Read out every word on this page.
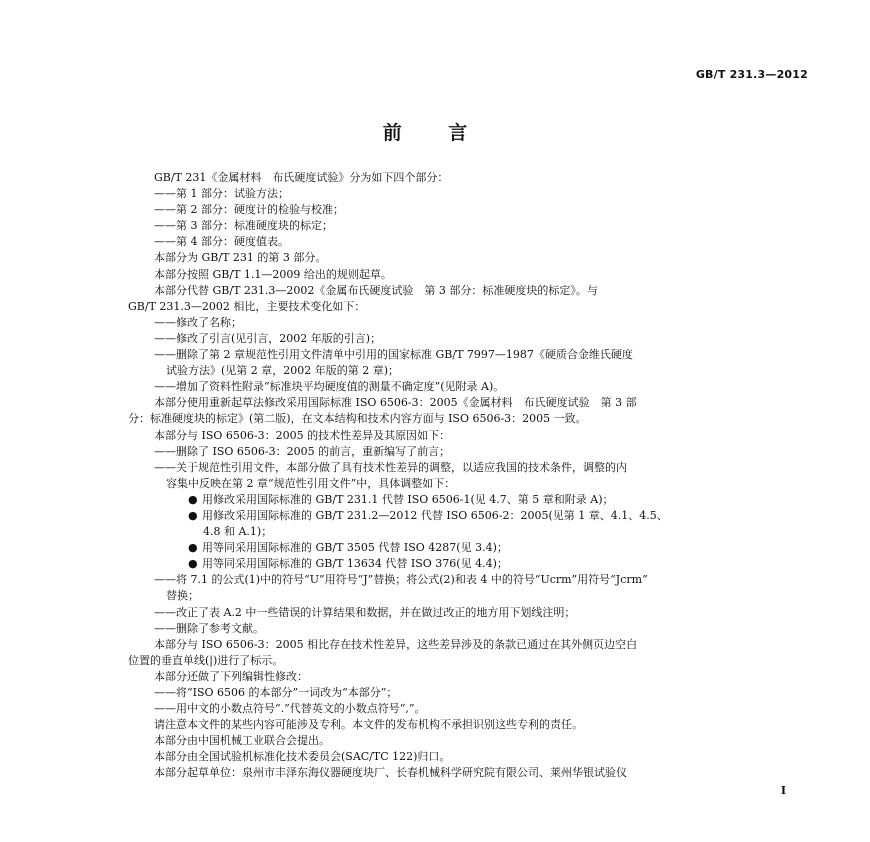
GB/T 231.3—2012
前 言
GB/T 231《金属材料　布氏硬度试验》分为如下四个部分：
——第 1 部分：试验方法；
——第 2 部分：硬度计的检验与校准；
——第 3 部分：标准硬度块的标定；
——第 4 部分：硬度值表。
本部分为 GB/T 231 的第 3 部分。
本部分按照 GB/T 1.1—2009 给出的规则起草。
本部分代替 GB/T 231.3—2002《金属布氏硬度试验　第 3 部分：标准硬度块的标定》。与
GB/T 231.3—2002 相比，主要技术变化如下：
——修改了名称；
——修改了引言(见引言，2002 年版的引言)；
——删除了第 2 章规范性引用文件清单中引用的国家标准 GB/T 7997—1987《硬质合金维氏硬度
试验方法》(见第 2 章，2002 年版的第 2 章)；
——增加了资料性附录“标准块平均硬度值的测量不确定度”(见附录 A)。
本部分使用重新起草法修改采用国际标准 ISO 6506-3：2005《金属材料　布氏硬度试验　第 3 部
分：标准硬度块的标定》(第二版)，在文本结构和技术内容方面与 ISO 6506-3：2005 一致。
本部分与 ISO 6506-3：2005 的技术性差异及其原因如下：
——删除了 ISO 6506-3：2005 的前言，重新编写了前言；
——关于规范性引用文件，本部分做了具有技术性差异的调整，以适应我国的技术条件，调整的内
容集中反映在第 2 章“规范性引用文件”中，具体调整如下：
● 用修改采用国际标准的 GB/T 231.1 代替 ISO 6506-1(见 4.7、第 5 章和附录 A)；
● 用修改采用国际标准的 GB/T 231.2—2012 代替 ISO 6506-2：2005(见第 1 章、4.1、4.5、
4.8 和 A.1)；
● 用等同采用国际标准的 GB/T 3505 代替 ISO 4287(见 3.4)；
● 用等同采用国际标准的 GB/T 13634 代替 ISO 376(见 4.4)；
——将 7.1 的公式(1)中的符号“U”用符号“J”替换；将公式(2)和表 4 中的符号“Ucrm”用符号“Jcrm”
替换；
——改正了表 A.2 中一些错误的计算结果和数据，并在做过改正的地方用下划线注明；
——删除了参考文献。
本部分与 ISO 6506-3：2005 相比存在技术性差异，这些差异涉及的条款已通过在其外侧页边空白
位置的垂直单线(|)进行了标示。
本部分还做了下列编辑性修改：
——将“ISO 6506 的本部分”一词改为“本部分”；
——用中文的小数点符号“.”代替英文的小数点符号“,”。
请注意本文件的某些内容可能涉及专利。本文件的发布机构不承担识别这些专利的责任。
本部分由中国机械工业联合会提出。
本部分由全国试验机标准化技术委员会(SAC/TC 122)归口。
本部分起草单位：泉州市丰泽东海仪器硬度块厂、长春机械科学研究院有限公司、莱州华银试验仪
I
